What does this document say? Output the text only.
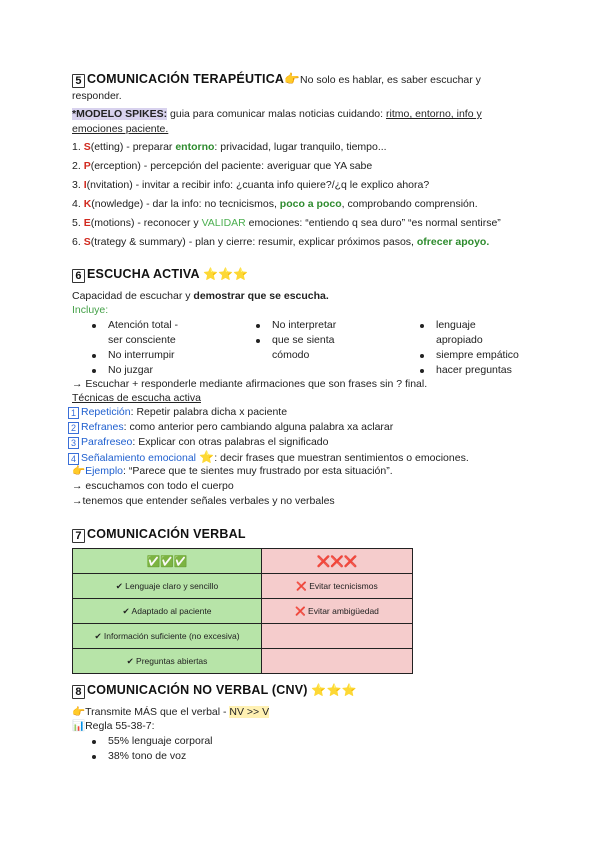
5 COMUNICACIÓN TERAPÉUTICA👉 No solo es hablar, es saber escuchar y
responder.
*MODELO SPIKES: guia para comunicar malas noticias cuidando: ritmo, entorno, info y
emociones paciente.
1. S(etting) - preparar entorno: privacidad, lugar tranquilo, tiempo...
2. P(erception) - percepción del paciente: averiguar que YA sabe
3. I(nvitation) - invitar a recibir info: ¿cuanta info quiere?/¿q le explico ahora?
4. K(nowledge) - dar la info: no tecnicismos, poco a poco, comprobando comprensión.
5. E(motions) - reconocer y VALIDAR emociones: “entiendo q sea duro” “es normal sentirse”
6. S(trategy & summary) - plan y cierre: resumir, explicar próximos pasos, ofrecer apoyo.
6 ESCUCHA ACTIVA ⭐⭐⭐
Capacidad de escuchar y demostrar que se escucha.
Incluye:
Atención total -
ser consciente
No interrumpir
No juzgar
No interpretar
que se sienta
cómodo
lenguaje
apropiado
siempre empático
hacer preguntas
→ Escuchar + responderle mediante afirmaciones que son frases sin ? final.
Técnicas de escucha activa
1 Repetición: Repetir palabra dicha x paciente
2 Refranes: como anterior pero cambiando alguna palabra xa aclarar
3 Parafreseo: Explicar con otras palabras el significado
4 Señalamiento emocional ⭐: decir frases que muestran sentimientos o emociones.
👉Ejemplo: “Parece que te sientes muy frustrado por esta situación”.
→ escuchamos con todo el cuerpo
→tenemos que entender señales verbales y no verbales
7 COMUNICACIÓN VERBAL
✅✅✅	❌❌❌
✔ Lenguaje claro y sencillo	❌ Evitar tecnicismos
✔ Adaptado al paciente	❌ Evitar ambigüedad
✔ Información suficiente (no excesiva)	
✔ Preguntas abiertas	
8 COMUNICACIÓN NO VERBAL (CNV) ⭐⭐⭐
👉Transmite MÁS que el verbal - NV >> V
📊Regla 55-38-7:
55% lenguaje corporal
38% tono de voz
